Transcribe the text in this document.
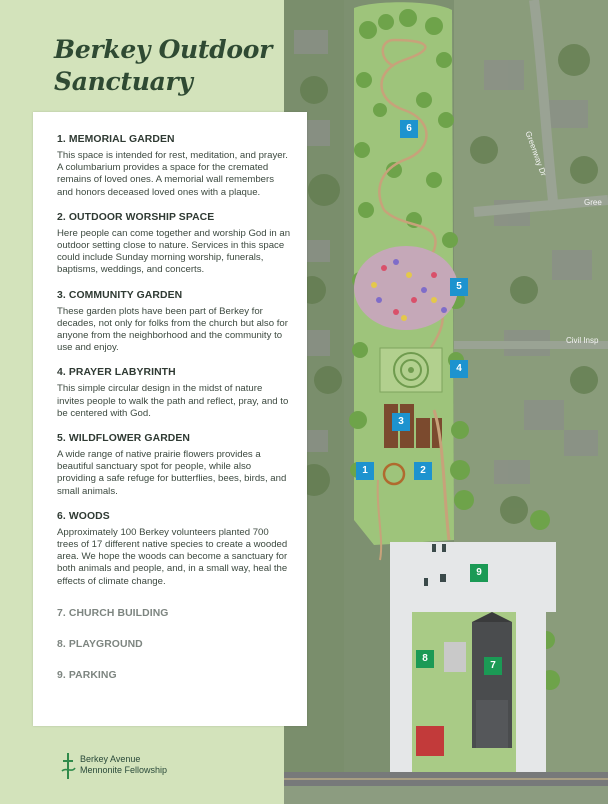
Berkey Outdoor
Sanctuary
1. MEMORIAL GARDEN

This space is intended for rest, meditation, and prayer. A columbarium provides a space for the cremated remains of loved ones. A memorial wall remembers and honors deceased loved ones with a plaque.

2. OUTDOOR WORSHIP SPACE

Here people can come together and worship God in an outdoor setting close to nature. Services in this space could include Sunday morning worship, funerals, baptisms, weddings, and concerts.

3. COMMUNITY GARDEN

These garden plots have been part of Berkey for decades, not only for folks from the church but also for anyone from the neighborhood and the community to use and enjoy.

4. PRAYER LABYRINTH

This simple circular design in the midst of nature invites people to walk the path and reflect, pray, and to be centered with God.

5. WILDFLOWER GARDEN

A wide range of native prairie flowers provides a beautiful sanctuary spot for people, while also providing a safe refuge for butterflies, bees, birds, and small animals.

6. WOODS

Approximately 100 Berkey volunteers planted 700 trees of 17 different native species to create a wooded area. We hope the woods can become a sanctuary for both animals and people, and, in a small way, heal the effects of climate change.

7. CHURCH BUILDING
8. PLAYGROUND
9. PARKING
Berkey Avenue
Mennonite Fellowship
Greenway Dr
Gree
Civil Insp
6
5
4
3
2
1
9
8
7
